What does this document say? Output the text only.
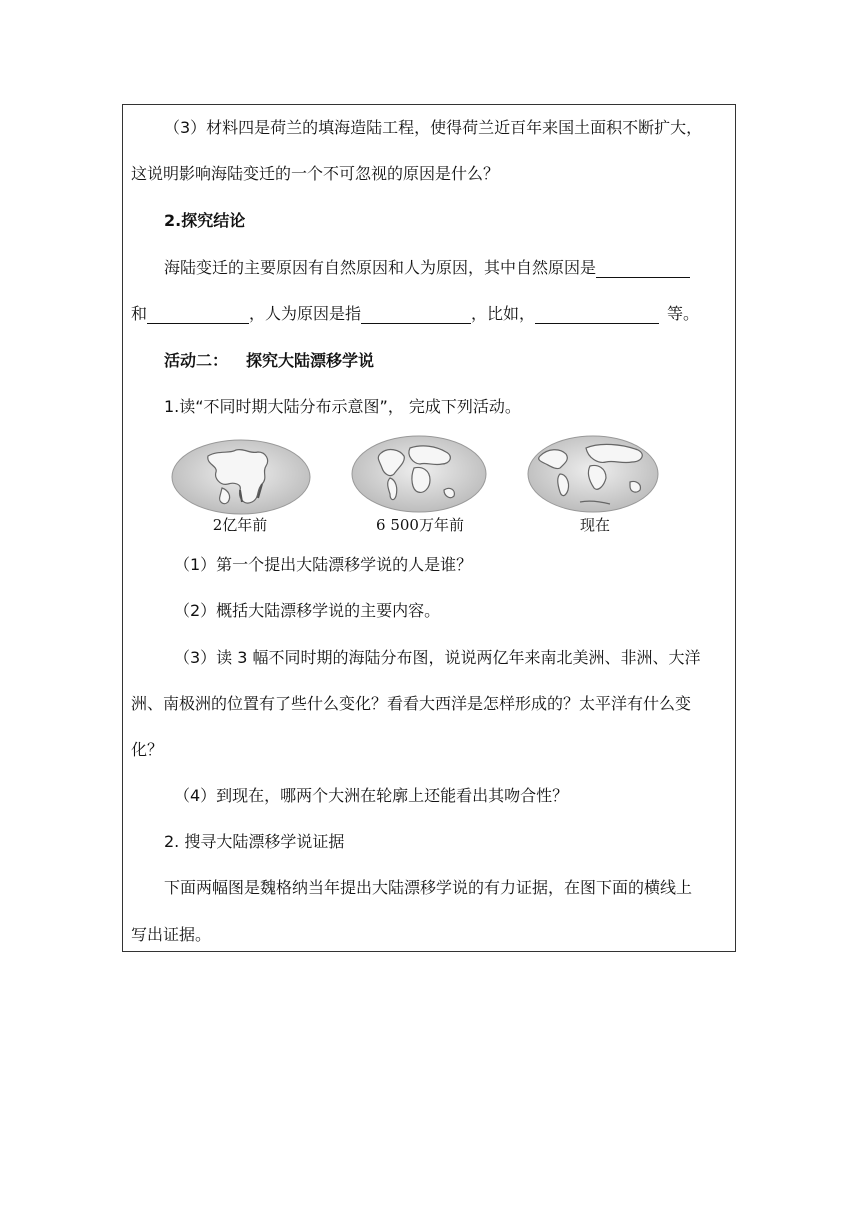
（3）材料四是荷兰的填海造陆工程，使得荷兰近百年来国土面积不断扩大，
这说明影响海陆变迁的一个不可忽视的原因是什么？
2.探究结论
海陆变迁的主要原因有自然原因和人为原因，其中自然原因是
和	，人为原因是指	，比如，	等。
活动二： 探究大陆漂移学说
1.读“不同时期大陆分布示意图”， 完成下列活动。
2亿年前	6 500万年前	现在
（1）第一个提出大陆漂移学说的人是谁？
（2）概括大陆漂移学说的主要内容。
（3）读 3 幅不同时期的海陆分布图，说说两亿年来南北美洲、非洲、大洋
洲、南极洲的位置有了些什么变化？看看大西洋是怎样形成的？太平洋有什么变
化？
（4）到现在，哪两个大洲在轮廓上还能看出其吻合性？
2. 搜寻大陆漂移学说证据
下面两幅图是魏格纳当年提出大陆漂移学说的有力证据，在图下面的横线上
写出证据。
